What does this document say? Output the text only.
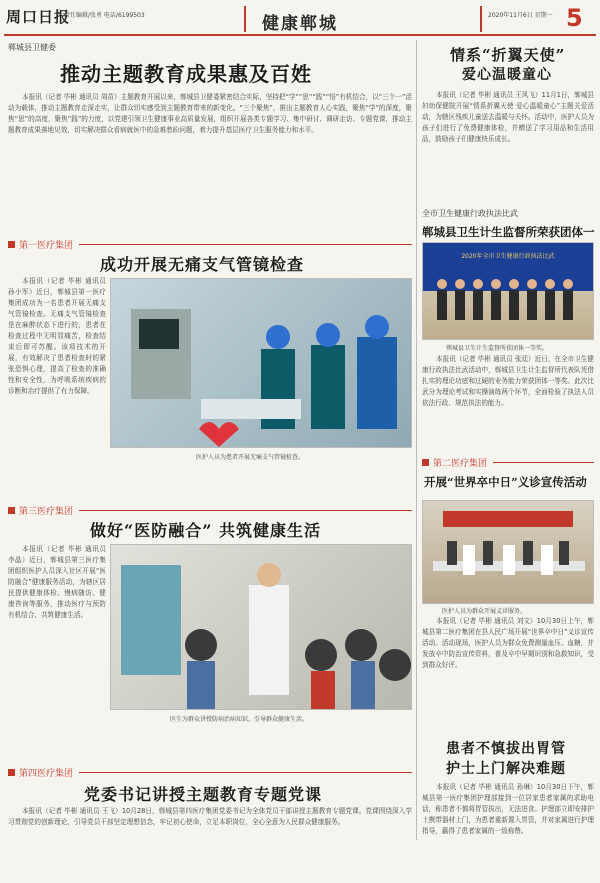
周口日报
责任编辑/张勇 电话/6199503	健康郸城	2020年11月6日 星期一 5
郸城县卫健委
推动主题教育成果惠及百姓
本报讯（记者 毕彬 通讯员 周苗）主题教育开展以来，郸城县卫健委紧密结合实际，坚持把“学”“思”“践”“悟”有机结合，以“三个一”活动为载体，推动主题教育走深走实，让群众切实感受到主题教育带来的新变化。“三个聚焦”，推出主题教育人心实践，聚焦“学”的深度，聚焦“思”的高度，聚焦“践”的力度，以党建引领卫生健康事业高质量发展，组织开展各类专题学习、集中研讨、调研走访、专题党课，推动主题教育成果落地见效，切实解决群众看病就医中的急难愁盼问题，着力提升基层医疗卫生服务能力和水平。
情系“折翼天使”
爱心温暖童心
本报讯（记者 毕彬 通讯员 王风飞）11月1日，郸城县妇幼保健院开展“情系折翼天使 爱心温暖童心”主题关爱活动，为辖区残疾儿童送去温暖与关怀。活动中，医护人员为孩子们进行了免费健康体检，并赠送了学习用品和生活用品，鼓励孩子们健康快乐成长。
全市卫生健康行政执法比武
郸城县卫生计生监督所荣获团体一
2020年全市卫生健康行政执法比武
郸城县卫生计生监督所获团体一等奖。
本报讯（记者 毕彬 通讯员 张廷）近日，在全市卫生健康行政执法比武活动中，郸城县卫生计生监督所代表队凭借扎实的理论功底和过硬的业务能力荣获团体一等奖。此次比武分为理论考试和实操演练两个环节，全面检验了执法人员依法行政、规范执法的能力。
第一医疗集团
成功开展无痛支气管镜检查
本报讯（记者 毕彬 通讯员 孙小军）近日，郸城县第一医疗集团成功为一名患者开展无痛支气管镜检查。无痛支气管镜检查是在麻醉状态下进行的，患者在检查过程中无明显痛苦，检查结束后即可苏醒。该项技术的开展，有效解决了患者检查时的紧张恐惧心理，提高了检查的准确性和安全性，为呼吸系统疾病的诊断和治疗提供了有力保障。
医护人员为患者开展无痛支气管镜检查。
第二医疗集团
开展“世界卒中日”义诊宣传活动
医护人员为群众开展义诊服务。
本报讯（记者 毕彬 通讯员 刘文）10月30日上午，郸城县第二医疗集团在县人民广场开展“世界卒中日”义诊宣传活动。活动现场，医护人员为群众免费测量血压、血糖，并发放卒中防治宣传资料，普及卒中早期识别和急救知识，受到群众好评。
第三医疗集团
做好“医防融合” 共筑健康生活
本报讯（记者 毕彬 通讯员 李晶）近日，郸城县第三医疗集团组织医护人员深入社区开展“医防融合”健康服务活动，为辖区居民提供健康体检、慢病随访、健康咨询等服务，推动医疗与预防有机结合，共筑健康生活。
医生为群众讲授防病治病知识，引导群众健康生活。
第四医疗集团
党委书记讲授主题教育专题党课
本报讯（记者 毕彬 通讯员 王飞）10月28日，郸城县第四医疗集团党委书记为全体党员干部讲授主题教育专题党课。党课围绕深入学习贯彻党的创新理论，引导党员干部坚定理想信念，牢记初心使命，立足本职岗位，全心全意为人民群众健康服务。
患者不慎拔出胃管
护士上门解决难题
本报讯（记者 毕彬 通讯员 孙琳）10月30日下午，郸城县第一医疗集团护理部接到一位居家患者家属的求助电话，称患者不慎将胃管拔出，无法进食。护理部立即安排护士携带器材上门，为患者重新置入胃管，并对家属进行护理指导，赢得了患者家属的一致称赞。
